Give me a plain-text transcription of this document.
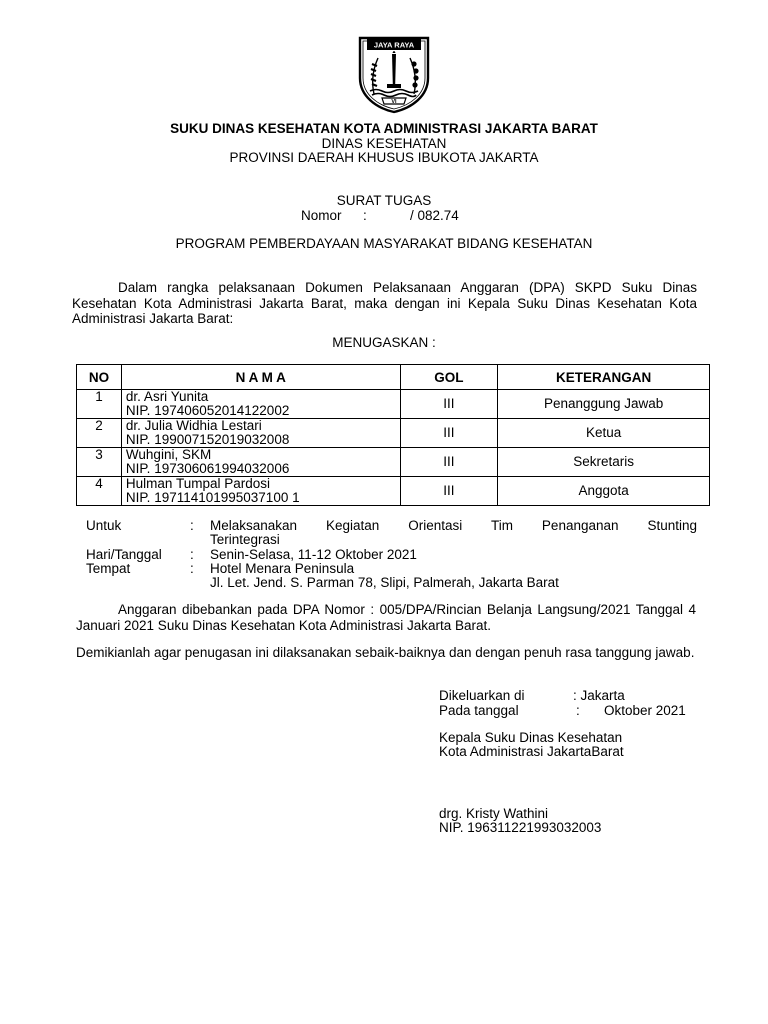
JAYA RAYA
VI
SUKU DINAS KESEHATAN KOTA ADMINISTRASI JAKARTA BARAT
DINAS KESEHATAN
PROVINSI DAERAH KHUSUS IBUKOTA JAKARTA
SURAT TUGAS
Nomor :	/ 082.74
PROGRAM PEMBERDAYAAN MASYARAKAT BIDANG KESEHATAN
Dalam rangka pelaksanaan Dokumen Pelaksanaan Anggaran (DPA) SKPD Suku Dinas Kesehatan Kota Administrasi Jakarta Barat, maka dengan ini Kepala Suku Dinas Kesehatan Kota Administrasi Jakarta Barat:
MENUGASKAN :
NO	N A M A	GOL	KETERANGAN
1	dr. Asri Yunita
NIP. 197406052014122002	III	Penanggung Jawab
2	dr. Julia Widhia Lestari
NIP. 199007152019032008	III	Ketua
3	Wuhgini, SKM
NIP. 197306061994032006	III	Sekretaris
4	Hulman Tumpal Pardosi
NIP. 197114101995037100 1	III	Anggota
Untuk	:	Melaksanakan Kegiatan Orientasi Tim Penanganan Stunting
Terintegrasi
Hari/Tanggal	:	Senin-Selasa, 11-12 Oktober 2021
Tempat	:	Hotel Menara Peninsula
Jl. Let. Jend. S. Parman 78, Slipi, Palmerah, Jakarta Barat
Anggaran dibebankan pada DPA Nomor : 005/DPA/Rincian Belanja Langsung/2021 Tanggal 4 Januari 2021 Suku Dinas Kesehatan Kota Administrasi Jakarta Barat.
Demikianlah agar penugasan ini dilaksanakan sebaik-baiknya dan dengan penuh rasa tanggung jawab.
Dikeluarkan di	: Jakarta
Pada tanggal	: Oktober 2021
Kepala Suku Dinas Kesehatan
Kota Administrasi JakartaBarat
drg. Kristy Wathini
NIP. 196311221993032003
